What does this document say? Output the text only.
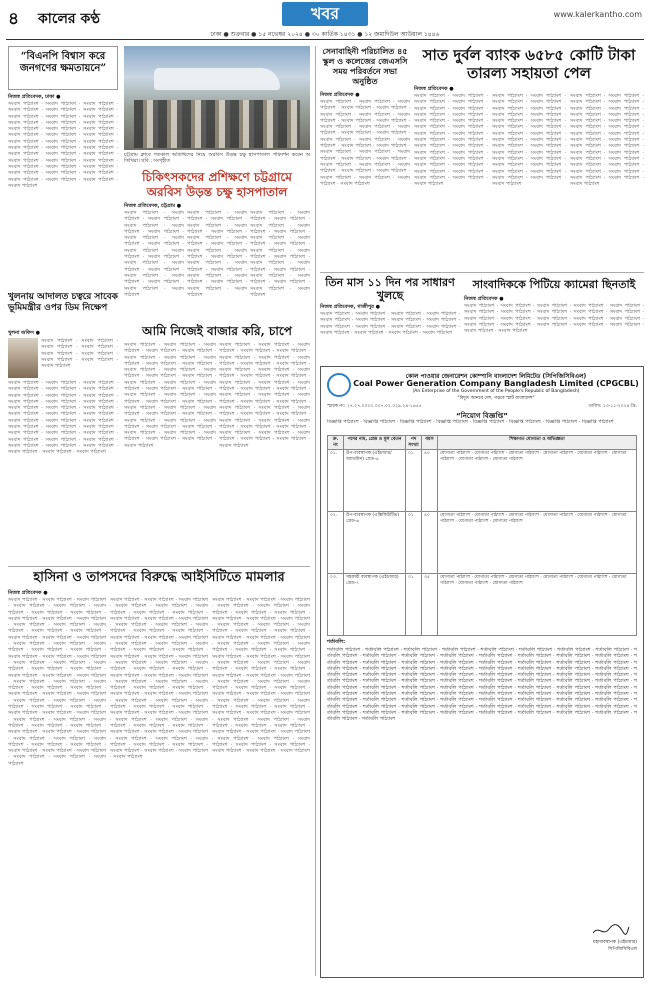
৪ কালের কণ্ঠ	খবর	www.kalerkantho.com
ঢাকা ● শুক্রবার ● ১৫ নভেম্বর ২০২৪ ● ৩০ কার্তিক ১৪৩১ ● ১২ জমাদিউল আউয়াল ১৪৪৬
“বিএনপি বিশ্বাস করে জনগণের ক্ষমতায়নে”
নিজস্ব প্রতিবেদক, ঢাকা ●
সংবাদ পাঠ্যাংশ · সংবাদ পাঠ্যাংশ · সংবাদ পাঠ্যাংশ · সংবাদ পাঠ্যাংশ · সংবাদ পাঠ্যাংশ · সংবাদ পাঠ্যাংশ · সংবাদ পাঠ্যাংশ · সংবাদ পাঠ্যাংশ · সংবাদ পাঠ্যাংশ · সংবাদ পাঠ্যাংশ · সংবাদ পাঠ্যাংশ · সংবাদ পাঠ্যাংশ · সংবাদ পাঠ্যাংশ · সংবাদ পাঠ্যাংশ · সংবাদ পাঠ্যাংশ · সংবাদ পাঠ্যাংশ · সংবাদ পাঠ্যাংশ · সংবাদ পাঠ্যাংশ · সংবাদ পাঠ্যাংশ · সংবাদ পাঠ্যাংশ · সংবাদ পাঠ্যাংশ · সংবাদ পাঠ্যাংশ · সংবাদ পাঠ্যাংশ · সংবাদ পাঠ্যাংশ · সংবাদ পাঠ্যাংশ · সংবাদ পাঠ্যাংশ · সংবাদ পাঠ্যাংশ · সংবাদ পাঠ্যাংশ · সংবাদ পাঠ্যাংশ · সংবাদ পাঠ্যাংশ · সংবাদ পাঠ্যাংশ · সংবাদ পাঠ্যাংশ · সংবাদ পাঠ্যাংশ · সংবাদ পাঠ্যাংশ · সংবাদ পাঠ্যাংশ · সংবাদ পাঠ্যাংশ · সংবাদ পাঠ্যাংশ · সংবাদ পাঠ্যাংশ · সংবাদ পাঠ্যাংশ · সংবাদ পাঠ্যাংশ
চট্টগ্রাম ক্লাবে গতকাল অতিথিদের নিয়ে অরবিস উড়ন্ত চক্ষু হাসপাতাল পরিদর্শন করেন অতিথিরা। ছবি : সংগৃহীত
চিকিৎসকদের প্রশিক্ষণে চট্টগ্রামে অরবিস উড়ন্ত চক্ষু হাসপাতাল
নিজস্ব প্রতিবেদক, চট্টগ্রাম ●
সংবাদ পাঠ্যাংশ · সংবাদ পাঠ্যাংশ · সংবাদ পাঠ্যাংশ · সংবাদ পাঠ্যাংশ · সংবাদ পাঠ্যাংশ · সংবাদ পাঠ্যাংশ · সংবাদ পাঠ্যাংশ · সংবাদ পাঠ্যাংশ · সংবাদ পাঠ্যাংশ · সংবাদ পাঠ্যাংশ · সংবাদ পাঠ্যাংশ · সংবাদ পাঠ্যাংশ · সংবাদ পাঠ্যাংশ · সংবাদ পাঠ্যাংশ · সংবাদ পাঠ্যাংশ · সংবাদ পাঠ্যাংশ · সংবাদ পাঠ্যাংশ · সংবাদ পাঠ্যাংশ · সংবাদ পাঠ্যাংশ · সংবাদ পাঠ্যাংশ
সংবাদ পাঠ্যাংশ · সংবাদ পাঠ্যাংশ · সংবাদ পাঠ্যাংশ · সংবাদ পাঠ্যাংশ · সংবাদ পাঠ্যাংশ · সংবাদ পাঠ্যাংশ · সংবাদ পাঠ্যাংশ · সংবাদ পাঠ্যাংশ · সংবাদ পাঠ্যাংশ · সংবাদ পাঠ্যাংশ · সংবাদ পাঠ্যাংশ · সংবাদ পাঠ্যাংশ · সংবাদ পাঠ্যাংশ · সংবাদ পাঠ্যাংশ · সংবাদ পাঠ্যাংশ · সংবাদ পাঠ্যাংশ · সংবাদ পাঠ্যাংশ · সংবাদ পাঠ্যাংশ · সংবাদ পাঠ্যাংশ · সংবাদ পাঠ্যাংশ
সংবাদ পাঠ্যাংশ · সংবাদ পাঠ্যাংশ · সংবাদ পাঠ্যাংশ · সংবাদ পাঠ্যাংশ · সংবাদ পাঠ্যাংশ · সংবাদ পাঠ্যাংশ · সংবাদ পাঠ্যাংশ · সংবাদ পাঠ্যাংশ · সংবাদ পাঠ্যাংশ · সংবাদ পাঠ্যাংশ · সংবাদ পাঠ্যাংশ · সংবাদ পাঠ্যাংশ · সংবাদ পাঠ্যাংশ · সংবাদ পাঠ্যাংশ · সংবাদ পাঠ্যাংশ · সংবাদ পাঠ্যাংশ · সংবাদ পাঠ্যাংশ · সংবাদ পাঠ্যাংশ · সংবাদ পাঠ্যাংশ · সংবাদ পাঠ্যাংশ
খুলনায় আদালত চত্বরে সাবেক ভূমিমন্ত্রীর ওপর ডিম নিক্ষেপ
খুলনা অফিস ●
সংবাদ পাঠ্যাংশ · সংবাদ পাঠ্যাংশ · সংবাদ পাঠ্যাংশ · সংবাদ পাঠ্যাংশ · সংবাদ পাঠ্যাংশ · সংবাদ পাঠ্যাংশ · সংবাদ পাঠ্যাংশ · সংবাদ পাঠ্যাংশ · সংবাদ পাঠ্যাংশ
সংবাদ পাঠ্যাংশ · সংবাদ পাঠ্যাংশ · সংবাদ পাঠ্যাংশ · সংবাদ পাঠ্যাংশ · সংবাদ পাঠ্যাংশ · সংবাদ পাঠ্যাংশ · সংবাদ পাঠ্যাংশ · সংবাদ পাঠ্যাংশ · সংবাদ পাঠ্যাংশ · সংবাদ পাঠ্যাংশ · সংবাদ পাঠ্যাংশ · সংবাদ পাঠ্যাংশ · সংবাদ পাঠ্যাংশ · সংবাদ পাঠ্যাংশ · সংবাদ পাঠ্যাংশ · সংবাদ পাঠ্যাংশ · সংবাদ পাঠ্যাংশ · সংবাদ পাঠ্যাংশ · সংবাদ পাঠ্যাংশ · সংবাদ পাঠ্যাংশ · সংবাদ পাঠ্যাংশ · সংবাদ পাঠ্যাংশ · সংবাদ পাঠ্যাংশ · সংবাদ পাঠ্যাংশ · সংবাদ পাঠ্যাংশ · সংবাদ পাঠ্যাংশ · সংবাদ পাঠ্যাংশ · সংবাদ পাঠ্যাংশ · সংবাদ পাঠ্যাংশ · সংবাদ পাঠ্যাংশ · সংবাদ পাঠ্যাংশ · সংবাদ পাঠ্যাংশ · সংবাদ পাঠ্যাংশ · সংবাদ পাঠ্যাংশ · সংবাদ পাঠ্যাংশ · সংবাদ পাঠ্যাংশ
আমি নিজেই বাজার করি, চাপে
সংবাদ পাঠ্যাংশ · সংবাদ পাঠ্যাংশ · সংবাদ পাঠ্যাংশ · সংবাদ পাঠ্যাংশ · সংবাদ পাঠ্যাংশ · সংবাদ পাঠ্যাংশ · সংবাদ পাঠ্যাংশ · সংবাদ পাঠ্যাংশ · সংবাদ পাঠ্যাংশ · সংবাদ পাঠ্যাংশ · সংবাদ পাঠ্যাংশ · সংবাদ পাঠ্যাংশ · সংবাদ পাঠ্যাংশ · সংবাদ পাঠ্যাংশ · সংবাদ পাঠ্যাংশ · সংবাদ পাঠ্যাংশ · সংবাদ পাঠ্যাংশ · সংবাদ পাঠ্যাংশ · সংবাদ পাঠ্যাংশ · সংবাদ পাঠ্যাংশ · সংবাদ পাঠ্যাংশ · সংবাদ পাঠ্যাংশ · সংবাদ পাঠ্যাংশ · সংবাদ পাঠ্যাংশ · সংবাদ পাঠ্যাংশ · সংবাদ পাঠ্যাংশ · সংবাদ পাঠ্যাংশ · সংবাদ পাঠ্যাংশ · সংবাদ পাঠ্যাংশ · সংবাদ পাঠ্যাংশ · সংবাদ পাঠ্যাংশ · সংবাদ পাঠ্যাংশ · সংবাদ পাঠ্যাংশ · সংবাদ পাঠ্যাংশ · সংবাদ পাঠ্যাংশ · সংবাদ পাঠ্যাংশ · সংবাদ পাঠ্যাংশ · সংবাদ পাঠ্যাংশ · সংবাদ পাঠ্যাংশ · সংবাদ পাঠ্যাংশ · সংবাদ পাঠ্যাংশ
সংবাদ পাঠ্যাংশ · সংবাদ পাঠ্যাংশ · সংবাদ পাঠ্যাংশ · সংবাদ পাঠ্যাংশ · সংবাদ পাঠ্যাংশ · সংবাদ পাঠ্যাংশ · সংবাদ পাঠ্যাংশ · সংবাদ পাঠ্যাংশ · সংবাদ পাঠ্যাংশ · সংবাদ পাঠ্যাংশ · সংবাদ পাঠ্যাংশ · সংবাদ পাঠ্যাংশ · সংবাদ পাঠ্যাংশ · সংবাদ পাঠ্যাংশ · সংবাদ পাঠ্যাংশ · সংবাদ পাঠ্যাংশ · সংবাদ পাঠ্যাংশ · সংবাদ পাঠ্যাংশ · সংবাদ পাঠ্যাংশ · সংবাদ পাঠ্যাংশ · সংবাদ পাঠ্যাংশ · সংবাদ পাঠ্যাংশ · সংবাদ পাঠ্যাংশ · সংবাদ পাঠ্যাংশ · সংবাদ পাঠ্যাংশ · সংবাদ পাঠ্যাংশ · সংবাদ পাঠ্যাংশ · সংবাদ পাঠ্যাংশ · সংবাদ পাঠ্যাংশ · সংবাদ পাঠ্যাংশ · সংবাদ পাঠ্যাংশ · সংবাদ পাঠ্যাংশ · সংবাদ পাঠ্যাংশ · সংবাদ পাঠ্যাংশ · সংবাদ পাঠ্যাংশ · সংবাদ পাঠ্যাংশ · সংবাদ পাঠ্যাংশ · সংবাদ পাঠ্যাংশ · সংবাদ পাঠ্যাংশ · সংবাদ পাঠ্যাংশ · সংবাদ পাঠ্যাংশ
হাসিনা ও তাপসদের বিরুদ্ধে আইসিটিতে মামলার
নিজস্ব প্রতিবেদক ●
সংবাদ পাঠ্যাংশ · সংবাদ পাঠ্যাংশ · সংবাদ পাঠ্যাংশ · সংবাদ পাঠ্যাংশ · সংবাদ পাঠ্যাংশ · সংবাদ পাঠ্যাংশ · সংবাদ পাঠ্যাংশ · সংবাদ পাঠ্যাংশ · সংবাদ পাঠ্যাংশ · সংবাদ পাঠ্যাংশ · সংবাদ পাঠ্যাংশ · সংবাদ পাঠ্যাংশ · সংবাদ পাঠ্যাংশ · সংবাদ পাঠ্যাংশ · সংবাদ পাঠ্যাংশ · সংবাদ পাঠ্যাংশ · সংবাদ পাঠ্যাংশ · সংবাদ পাঠ্যাংশ · সংবাদ পাঠ্যাংশ · সংবাদ পাঠ্যাংশ · সংবাদ পাঠ্যাংশ · সংবাদ পাঠ্যাংশ · সংবাদ পাঠ্যাংশ · সংবাদ পাঠ্যাংশ · সংবাদ পাঠ্যাংশ · সংবাদ পাঠ্যাংশ · সংবাদ পাঠ্যাংশ · সংবাদ পাঠ্যাংশ · সংবাদ পাঠ্যাংশ · সংবাদ পাঠ্যাংশ · সংবাদ পাঠ্যাংশ · সংবাদ পাঠ্যাংশ · সংবাদ পাঠ্যাংশ · সংবাদ পাঠ্যাংশ · সংবাদ পাঠ্যাংশ · সংবাদ পাঠ্যাংশ · সংবাদ পাঠ্যাংশ · সংবাদ পাঠ্যাংশ · সংবাদ পাঠ্যাংশ · সংবাদ পাঠ্যাংশ · সংবাদ পাঠ্যাংশ · সংবাদ পাঠ্যাংশ · সংবাদ পাঠ্যাংশ · সংবাদ পাঠ্যাংশ · সংবাদ পাঠ্যাংশ · সংবাদ পাঠ্যাংশ · সংবাদ পাঠ্যাংশ · সংবাদ পাঠ্যাংশ · সংবাদ পাঠ্যাংশ · সংবাদ পাঠ্যাংশ · সংবাদ পাঠ্যাংশ · সংবাদ পাঠ্যাংশ · সংবাদ পাঠ্যাংশ · সংবাদ পাঠ্যাংশ · সংবাদ পাঠ্যাংশ · সংবাদ পাঠ্যাংশ · সংবাদ পাঠ্যাংশ · সংবাদ পাঠ্যাংশ · সংবাদ পাঠ্যাংশ · সংবাদ পাঠ্যাংশ · সংবাদ পাঠ্যাংশ · সংবাদ পাঠ্যাংশ · সংবাদ পাঠ্যাংশ · সংবাদ পাঠ্যাংশ · সংবাদ পাঠ্যাংশ · সংবাদ পাঠ্যাংশ · সংবাদ পাঠ্যাংশ · সংবাদ পাঠ্যাংশ · সংবাদ পাঠ্যাংশ · সংবাদ পাঠ্যাংশ
সংবাদ পাঠ্যাংশ · সংবাদ পাঠ্যাংশ · সংবাদ পাঠ্যাংশ · সংবাদ পাঠ্যাংশ · সংবাদ পাঠ্যাংশ · সংবাদ পাঠ্যাংশ · সংবাদ পাঠ্যাংশ · সংবাদ পাঠ্যাংশ · সংবাদ পাঠ্যাংশ · সংবাদ পাঠ্যাংশ · সংবাদ পাঠ্যাংশ · সংবাদ পাঠ্যাংশ · সংবাদ পাঠ্যাংশ · সংবাদ পাঠ্যাংশ · সংবাদ পাঠ্যাংশ · সংবাদ পাঠ্যাংশ · সংবাদ পাঠ্যাংশ · সংবাদ পাঠ্যাংশ · সংবাদ পাঠ্যাংশ · সংবাদ পাঠ্যাংশ · সংবাদ পাঠ্যাংশ · সংবাদ পাঠ্যাংশ · সংবাদ পাঠ্যাংশ · সংবাদ পাঠ্যাংশ · সংবাদ পাঠ্যাংশ · সংবাদ পাঠ্যাংশ · সংবাদ পাঠ্যাংশ · সংবাদ পাঠ্যাংশ · সংবাদ পাঠ্যাংশ · সংবাদ পাঠ্যাংশ · সংবাদ পাঠ্যাংশ · সংবাদ পাঠ্যাংশ · সংবাদ পাঠ্যাংশ · সংবাদ পাঠ্যাংশ · সংবাদ পাঠ্যাংশ · সংবাদ পাঠ্যাংশ · সংবাদ পাঠ্যাংশ · সংবাদ পাঠ্যাংশ · সংবাদ পাঠ্যাংশ · সংবাদ পাঠ্যাংশ · সংবাদ পাঠ্যাংশ · সংবাদ পাঠ্যাংশ · সংবাদ পাঠ্যাংশ · সংবাদ পাঠ্যাংশ · সংবাদ পাঠ্যাংশ · সংবাদ পাঠ্যাংশ · সংবাদ পাঠ্যাংশ · সংবাদ পাঠ্যাংশ · সংবাদ পাঠ্যাংশ · সংবাদ পাঠ্যাংশ · সংবাদ পাঠ্যাংশ · সংবাদ পাঠ্যাংশ · সংবাদ পাঠ্যাংশ · সংবাদ পাঠ্যাংশ · সংবাদ পাঠ্যাংশ · সংবাদ পাঠ্যাংশ · সংবাদ পাঠ্যাংশ · সংবাদ পাঠ্যাংশ · সংবাদ পাঠ্যাংশ · সংবাদ পাঠ্যাংশ · সংবাদ পাঠ্যাংশ · সংবাদ পাঠ্যাংশ · সংবাদ পাঠ্যাংশ · সংবাদ পাঠ্যাংশ · সংবাদ পাঠ্যাংশ · সংবাদ পাঠ্যাংশ · সংবাদ পাঠ্যাংশ · সংবাদ পাঠ্যাংশ
সংবাদ পাঠ্যাংশ · সংবাদ পাঠ্যাংশ · সংবাদ পাঠ্যাংশ · সংবাদ পাঠ্যাংশ · সংবাদ পাঠ্যাংশ · সংবাদ পাঠ্যাংশ · সংবাদ পাঠ্যাংশ · সংবাদ পাঠ্যাংশ · সংবাদ পাঠ্যাংশ · সংবাদ পাঠ্যাংশ · সংবাদ পাঠ্যাংশ · সংবাদ পাঠ্যাংশ · সংবাদ পাঠ্যাংশ · সংবাদ পাঠ্যাংশ · সংবাদ পাঠ্যাংশ · সংবাদ পাঠ্যাংশ · সংবাদ পাঠ্যাংশ · সংবাদ পাঠ্যাংশ · সংবাদ পাঠ্যাংশ · সংবাদ পাঠ্যাংশ · সংবাদ পাঠ্যাংশ · সংবাদ পাঠ্যাংশ · সংবাদ পাঠ্যাংশ · সংবাদ পাঠ্যাংশ · সংবাদ পাঠ্যাংশ · সংবাদ পাঠ্যাংশ · সংবাদ পাঠ্যাংশ · সংবাদ পাঠ্যাংশ · সংবাদ পাঠ্যাংশ · সংবাদ পাঠ্যাংশ · সংবাদ পাঠ্যাংশ · সংবাদ পাঠ্যাংশ · সংবাদ পাঠ্যাংশ · সংবাদ পাঠ্যাংশ · সংবাদ পাঠ্যাংশ · সংবাদ পাঠ্যাংশ · সংবাদ পাঠ্যাংশ · সংবাদ পাঠ্যাংশ · সংবাদ পাঠ্যাংশ · সংবাদ পাঠ্যাংশ · সংবাদ পাঠ্যাংশ · সংবাদ পাঠ্যাংশ · সংবাদ পাঠ্যাংশ · সংবাদ পাঠ্যাংশ · সংবাদ পাঠ্যাংশ · সংবাদ পাঠ্যাংশ · সংবাদ পাঠ্যাংশ · সংবাদ পাঠ্যাংশ · সংবাদ পাঠ্যাংশ · সংবাদ পাঠ্যাংশ · সংবাদ পাঠ্যাংশ · সংবাদ পাঠ্যাংশ · সংবাদ পাঠ্যাংশ · সংবাদ পাঠ্যাংশ · সংবাদ পাঠ্যাংশ · সংবাদ পাঠ্যাংশ · সংবাদ পাঠ্যাংশ · সংবাদ পাঠ্যাংশ · সংবাদ পাঠ্যাংশ · সংবাদ পাঠ্যাংশ · সংবাদ পাঠ্যাংশ · সংবাদ পাঠ্যাংশ · সংবাদ পাঠ্যাংশ · সংবাদ পাঠ্যাংশ · সংবাদ পাঠ্যাংশ · সংবাদ পাঠ্যাংশ · সংবাদ পাঠ্যাংশ
সেনাবাহিনী পরিচালিত ৪৫ স্কুল ও কলেজের জেএসসি সময় পরিবর্তনে সভা অনুষ্ঠিত
নিজস্ব প্রতিবেদক ●
সংবাদ পাঠ্যাংশ · সংবাদ পাঠ্যাংশ · সংবাদ পাঠ্যাংশ · সংবাদ পাঠ্যাংশ · সংবাদ পাঠ্যাংশ · সংবাদ পাঠ্যাংশ · সংবাদ পাঠ্যাংশ · সংবাদ পাঠ্যাংশ · সংবাদ পাঠ্যাংশ · সংবাদ পাঠ্যাংশ · সংবাদ পাঠ্যাংশ · সংবাদ পাঠ্যাংশ · সংবাদ পাঠ্যাংশ · সংবাদ পাঠ্যাংশ · সংবাদ পাঠ্যাংশ · সংবাদ পাঠ্যাংশ · সংবাদ পাঠ্যাংশ · সংবাদ পাঠ্যাংশ · সংবাদ পাঠ্যাংশ · সংবাদ পাঠ্যাংশ · সংবাদ পাঠ্যাংশ · সংবাদ পাঠ্যাংশ · সংবাদ পাঠ্যাংশ · সংবাদ পাঠ্যাংশ · সংবাদ পাঠ্যাংশ · সংবাদ পাঠ্যাংশ · সংবাদ পাঠ্যাংশ · সংবাদ পাঠ্যাংশ · সংবাদ পাঠ্যাংশ · সংবাদ পাঠ্যাংশ · সংবাদ পাঠ্যাংশ · সংবাদ পাঠ্যাংশ · সংবাদ পাঠ্যাংশ · সংবাদ পাঠ্যাংশ
সাত দুর্বল ব্যাংক ৬৫৮৫ কোটি টাকা তারল্য সহায়তা পেল
নিজস্ব প্রতিবেদক ●
সংবাদ পাঠ্যাংশ · সংবাদ পাঠ্যাংশ · সংবাদ পাঠ্যাংশ · সংবাদ পাঠ্যাংশ · সংবাদ পাঠ্যাংশ · সংবাদ পাঠ্যাংশ · সংবাদ পাঠ্যাংশ · সংবাদ পাঠ্যাংশ · সংবাদ পাঠ্যাংশ · সংবাদ পাঠ্যাংশ · সংবাদ পাঠ্যাংশ · সংবাদ পাঠ্যাংশ · সংবাদ পাঠ্যাংশ · সংবাদ পাঠ্যাংশ · সংবাদ পাঠ্যাংশ · সংবাদ পাঠ্যাংশ · সংবাদ পাঠ্যাংশ · সংবাদ পাঠ্যাংশ · সংবাদ পাঠ্যাংশ · সংবাদ পাঠ্যাংশ · সংবাদ পাঠ্যাংশ · সংবাদ পাঠ্যাংশ · সংবাদ পাঠ্যাংশ · সংবাদ পাঠ্যাংশ · সংবাদ পাঠ্যাংশ · সংবাদ পাঠ্যাংশ · সংবাদ পাঠ্যাংশ · সংবাদ পাঠ্যাংশ · সংবাদ পাঠ্যাংশ
সংবাদ পাঠ্যাংশ · সংবাদ পাঠ্যাংশ · সংবাদ পাঠ্যাংশ · সংবাদ পাঠ্যাংশ · সংবাদ পাঠ্যাংশ · সংবাদ পাঠ্যাংশ · সংবাদ পাঠ্যাংশ · সংবাদ পাঠ্যাংশ · সংবাদ পাঠ্যাংশ · সংবাদ পাঠ্যাংশ · সংবাদ পাঠ্যাংশ · সংবাদ পাঠ্যাংশ · সংবাদ পাঠ্যাংশ · সংবাদ পাঠ্যাংশ · সংবাদ পাঠ্যাংশ · সংবাদ পাঠ্যাংশ · সংবাদ পাঠ্যাংশ · সংবাদ পাঠ্যাংশ · সংবাদ পাঠ্যাংশ · সংবাদ পাঠ্যাংশ · সংবাদ পাঠ্যাংশ · সংবাদ পাঠ্যাংশ · সংবাদ পাঠ্যাংশ · সংবাদ পাঠ্যাংশ · সংবাদ পাঠ্যাংশ · সংবাদ পাঠ্যাংশ · সংবাদ পাঠ্যাংশ · সংবাদ পাঠ্যাংশ · সংবাদ পাঠ্যাংশ
সংবাদ পাঠ্যাংশ · সংবাদ পাঠ্যাংশ · সংবাদ পাঠ্যাংশ · সংবাদ পাঠ্যাংশ · সংবাদ পাঠ্যাংশ · সংবাদ পাঠ্যাংশ · সংবাদ পাঠ্যাংশ · সংবাদ পাঠ্যাংশ · সংবাদ পাঠ্যাংশ · সংবাদ পাঠ্যাংশ · সংবাদ পাঠ্যাংশ · সংবাদ পাঠ্যাংশ · সংবাদ পাঠ্যাংশ · সংবাদ পাঠ্যাংশ · সংবাদ পাঠ্যাংশ · সংবাদ পাঠ্যাংশ · সংবাদ পাঠ্যাংশ · সংবাদ পাঠ্যাংশ · সংবাদ পাঠ্যাংশ · সংবাদ পাঠ্যাংশ · সংবাদ পাঠ্যাংশ · সংবাদ পাঠ্যাংশ · সংবাদ পাঠ্যাংশ · সংবাদ পাঠ্যাংশ · সংবাদ পাঠ্যাংশ · সংবাদ পাঠ্যাংশ · সংবাদ পাঠ্যাংশ · সংবাদ পাঠ্যাংশ · সংবাদ পাঠ্যাংশ
তিন মাস ১১ দিন পর সাধারণ খুলছে
নিজস্ব প্রতিবেদক, গাজীপুর ●
সংবাদ পাঠ্যাংশ · সংবাদ পাঠ্যাংশ · সংবাদ পাঠ্যাংশ · সংবাদ পাঠ্যাংশ · সংবাদ পাঠ্যাংশ · সংবাদ পাঠ্যাংশ · সংবাদ পাঠ্যাংশ · সংবাদ পাঠ্যাংশ · সংবাদ পাঠ্যাংশ · সংবাদ পাঠ্যাংশ · সংবাদ পাঠ্যাংশ · সংবাদ পাঠ্যাংশ · সংবাদ পাঠ্যাংশ · সংবাদ পাঠ্যাংশ · সংবাদ পাঠ্যাংশ · সংবাদ পাঠ্যাংশ
সাংবাদিককে পিটিয়ে ক্যামেরা ছিনতাই
নিজস্ব প্রতিবেদক ●
সংবাদ পাঠ্যাংশ · সংবাদ পাঠ্যাংশ · সংবাদ পাঠ্যাংশ · সংবাদ পাঠ্যাংশ · সংবাদ পাঠ্যাংশ · সংবাদ পাঠ্যাংশ · সংবাদ পাঠ্যাংশ · সংবাদ পাঠ্যাংশ · সংবাদ পাঠ্যাংশ · সংবাদ পাঠ্যাংশ · সংবাদ পাঠ্যাংশ · সংবাদ পাঠ্যাংশ · সংবাদ পাঠ্যাংশ · সংবাদ পাঠ্যাংশ · সংবাদ পাঠ্যাংশ · সংবাদ পাঠ্যাংশ · সংবাদ পাঠ্যাংশ · সংবাদ পাঠ্যাংশ · সংবাদ পাঠ্যাংশ · সংবাদ পাঠ্যাংশ · সংবাদ পাঠ্যাংশ · সংবাদ পাঠ্যাংশ
কোল পাওয়ার জেনারেশন কোম্পানি বাংলাদেশ লিমিটেড (সিপিজিসিবিএল)
Coal Power Generation Company Bangladesh Limited (CPGCBL)
(An Enterprise of the Government of the People's Republic of Bangladesh)
"বিদ্যুৎ আনবে দেশ, গড়বে স্মার্ট বাংলাদেশ"
স্মারক নং: ২৭.২৭.০০০০.০০৭.০২.০২৯.২৪-১৬৫৫	তারিখ: ১৩-১১-২০২৪ খ্রি.
“নিয়োগ বিজ্ঞপ্তি”
বিজ্ঞপ্তি পাঠ্যাংশ · বিজ্ঞপ্তি পাঠ্যাংশ · বিজ্ঞপ্তি পাঠ্যাংশ · বিজ্ঞপ্তি পাঠ্যাংশ · বিজ্ঞপ্তি পাঠ্যাংশ · বিজ্ঞপ্তি পাঠ্যাংশ · বিজ্ঞপ্তি পাঠ্যাংশ · বিজ্ঞপ্তি পাঠ্যাংশ
ক্র. নং	পদের নাম, গ্রেড ও মূল বেতন	পদ সংখ্যা	বয়স	শিক্ষাগত যোগ্যতা ও অভিজ্ঞতা
০১.	উপ-ব্যবস্থাপক (এইচআর/অ্যাডমিন) গ্রেড-৬	০১	৪০	যোগ্যতা পাঠ্যাংশ · যোগ্যতা পাঠ্যাংশ · যোগ্যতা পাঠ্যাংশ · যোগ্যতা পাঠ্যাংশ · যোগ্যতা পাঠ্যাংশ · যোগ্যতা পাঠ্যাংশ · যোগ্যতা পাঠ্যাংশ · যোগ্যতা পাঠ্যাংশ
০২.	উপ-ব্যবস্থাপক (এক্সিকিউটিভ) গ্রেড-৬	০১	৪০	যোগ্যতা পাঠ্যাংশ · যোগ্যতা পাঠ্যাংশ · যোগ্যতা পাঠ্যাংশ · যোগ্যতা পাঠ্যাংশ · যোগ্যতা পাঠ্যাংশ · যোগ্যতা পাঠ্যাংশ · যোগ্যতা পাঠ্যাংশ · যোগ্যতা পাঠ্যাংশ
০৩.	সহকারী ব্যবস্থাপক (এইচআর) গ্রেড-৭	০১	৩৫	যোগ্যতা পাঠ্যাংশ · যোগ্যতা পাঠ্যাংশ · যোগ্যতা পাঠ্যাংশ · যোগ্যতা পাঠ্যাংশ · যোগ্যতা পাঠ্যাংশ · যোগ্যতা পাঠ্যাংশ · যোগ্যতা পাঠ্যাংশ · যোগ্যতা পাঠ্যাংশ
শর্তাবলি:
শর্তাবলি পাঠ্যাংশ · শর্তাবলি পাঠ্যাংশ · শর্তাবলি পাঠ্যাংশ · শর্তাবলি পাঠ্যাংশ · শর্তাবলি পাঠ্যাংশ · শর্তাবলি পাঠ্যাংশ · শর্তাবলি পাঠ্যাংশ · শর্তাবলি পাঠ্যাংশ · শর্তাবলি পাঠ্যাংশ · শর্তাবলি পাঠ্যাংশ · শর্তাবলি পাঠ্যাংশ · শর্তাবলি পাঠ্যাংশ · শর্তাবলি পাঠ্যাংশ · শর্তাবলি পাঠ্যাংশ · শর্তাবলি পাঠ্যাংশ · শর্তাবলি পাঠ্যাংশ · শর্তাবলি পাঠ্যাংশ · শর্তাবলি পাঠ্যাংশ · শর্তাবলি পাঠ্যাংশ · শর্তাবলি পাঠ্যাংশ · শর্তাবলি পাঠ্যাংশ · শর্তাবলি পাঠ্যাংশ · শর্তাবলি পাঠ্যাংশ · শর্তাবলি পাঠ্যাংশ · শর্তাবলি পাঠ্যাংশ · শর্তাবলি পাঠ্যাংশ · শর্তাবলি পাঠ্যাংশ · শর্তাবলি পাঠ্যাংশ · শর্তাবলি পাঠ্যাংশ · শর্তাবলি পাঠ্যাংশ · শর্তাবলি পাঠ্যাংশ · শর্তাবলি পাঠ্যাংশ · শর্তাবলি পাঠ্যাংশ · শর্তাবলি পাঠ্যাংশ · শর্তাবলি পাঠ্যাংশ · শর্তাবলি পাঠ্যাংশ · শর্তাবলি পাঠ্যাংশ · শর্তাবলি পাঠ্যাংশ · শর্তাবলি পাঠ্যাংশ · শর্তাবলি পাঠ্যাংশ · শর্তাবলি পাঠ্যাংশ · শর্তাবলি পাঠ্যাংশ · শর্তাবলি পাঠ্যাংশ · শর্তাবলি পাঠ্যাংশ · শর্তাবলি পাঠ্যাংশ · শর্তাবলি পাঠ্যাংশ · শর্তাবলি পাঠ্যাংশ · শর্তাবলি পাঠ্যাংশ · শর্তাবলি পাঠ্যাংশ · শর্তাবলি পাঠ্যাংশ · শর্তাবলি পাঠ্যাংশ · শর্তাবলি পাঠ্যাংশ · শর্তাবলি পাঠ্যাংশ · শর্তাবলি পাঠ্যাংশ · শর্তাবলি পাঠ্যাংশ · শর্তাবলি পাঠ্যাংশ · শর্তাবলি পাঠ্যাংশ · শর্তাবলি পাঠ্যাংশ · শর্তাবলি পাঠ্যাংশ · শর্তাবলি পাঠ্যাংশ · শর্তাবলি পাঠ্যাংশ · শর্তাবলি পাঠ্যাংশ · শর্তাবলি পাঠ্যাংশ · শর্তাবলি পাঠ্যাংশ · শর্তাবলি পাঠ্যাংশ · শর্তাবলি পাঠ্যাংশ · শর্তাবলি পাঠ্যাংশ · শর্তাবলি পাঠ্যাংশ · শর্তাবলি পাঠ্যাংশ · শর্তাবলি পাঠ্যাংশ · শর্তাবলি পাঠ্যাংশ · শর্তাবলি পাঠ্যাংশ · শর্তাবলি পাঠ্যাংশ · শর্তাবলি পাঠ্যাংশ · শর্তাবলি পাঠ্যাংশ · শর্তাবলি পাঠ্যাংশ · শর্তাবলি পাঠ্যাংশ · শর্তাবলি পাঠ্যাংশ · শর্তাবলি পাঠ্যাংশ · শর্তাবলি পাঠ্যাংশ · শর্তাবলি পাঠ্যাংশ · শর্তাবলি পাঠ্যাংশ · শর্তাবলি পাঠ্যাংশ · শর্তাবলি পাঠ্যাংশ · শর্তাবলি পাঠ্যাংশ · শর্তাবলি পাঠ্যাংশ · শর্তাবলি পাঠ্যাংশ · শর্তাবলি পাঠ্যাংশ · শর্তাবলি পাঠ্যাংশ · শর্তাবলি পাঠ্যাংশ
মহাব্যবস্থাপক (এইচআর)
সিপিজিসিবিএল
